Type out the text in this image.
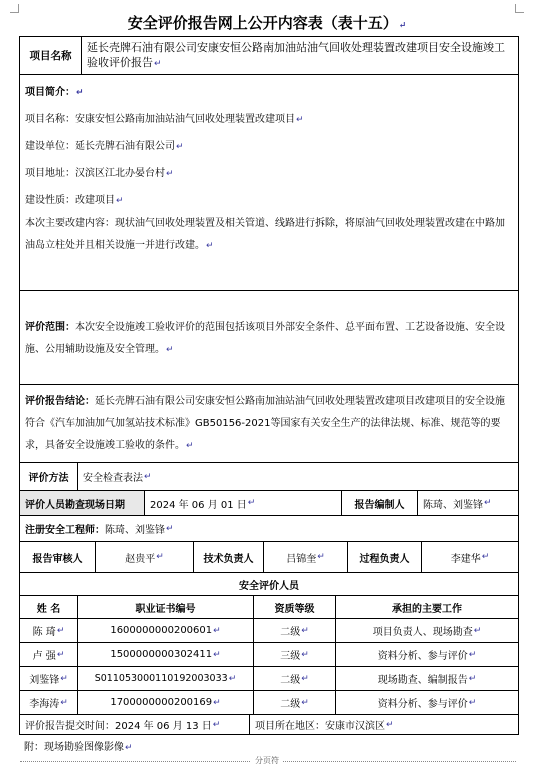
安全评价报告网上公开内容表（表十五）↵
项目名称
延长壳牌石油有限公司安康安恒公路南加油站油气回收处理装置改建项目安全设施竣工验收评价报告↵
项目简介：↵
项目名称：安康安恒公路南加油站油气回收处理装置改建项目↵
建设单位：延长壳牌石油有限公司↵
项目地址：汉滨区江北办晏台村↵
建设性质：改建项目↵
本次主要改建内容：现状油气回收处理装置及相关管道、线路进行拆除，将原油气回收处理装置改建在中路加油岛立柱处并且相关设施一并进行改建。↵
评价范围：本次安全设施竣工验收评价的范围包括该项目外部安全条件、总平面布置、工艺设备设施、安全设施、公用辅助设施及安全管理。↵
评价报告结论：延长壳牌石油有限公司安康安恒公路南加油站油气回收处理装置改建项目改建项目的安全设施符合《汽车加油加气加氢站技术标准》GB50156-2021等国家有关安全生产的法律法规、标准、规范等的要求，具备安全设施竣工验收的条件。↵
评价方法 安全检查表法 ↵
评价人员勘查现场日期	2024 年 06 月 01 日 ↵	报告编制人 陈琦、刘鉴锋 ↵
注册安全工程师： 陈琦、刘鉴锋 ↵
报告审核人	赵贵平 ↵	技术负责人	吕锦奎 ↵	过程负责人	李建华 ↵
安全评价人员
姓 名	职业证书编号	资质等级	承担的主要工作
陈 琦 ↵	1600000000200601 ↵	二级 ↵	项目负责人、现场勘查 ↵
卢 强 ↵	1500000000302411 ↵	三级 ↵	资料分析、参与评价 ↵
刘鉴锋 ↵	S011053000110192003033 ↵	二级 ↵	现场勘查、编制报告 ↵
李海涛 ↵	1700000000200169 ↵	二级 ↵	资料分析、参与评价 ↵
评价报告提交时间：2024 年 06 月 13 日 ↵	项目所在地区：安康市汉滨区 ↵
附：现场勘验图像影像↵
分页符
